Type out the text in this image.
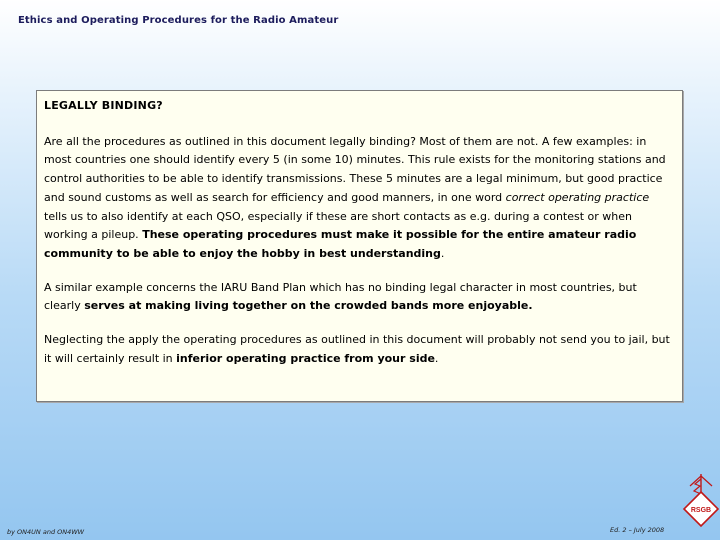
Ethics and Operating Procedures for the Radio Amateur
LEGALLY BINDING?

Are all the procedures as outlined in this document legally binding? Most of them are not. A few examples: in most countries one should identify every 5 (in some 10) minutes. This rule exists for the monitoring stations and control authorities to be able to identify transmissions. These 5 minutes are a legal minimum, but good practice and sound customs as well as search for efficiency and good manners, in one word correct operating practice tells us to also identify at each QSO, especially if these are short contacts as e.g. during a contest or when working a pileup. These operating procedures must make it possible for the entire amateur radio community to be able to enjoy the hobby in best understanding.

A similar example concerns the IARU Band Plan which has no binding legal character in most countries, but clearly serves at making living together on the crowded bands more enjoyable.

Neglecting the apply the operating procedures as outlined in this document will probably not send you to jail, but it will certainly result in inferior operating practice from your side.

by ON4UN and ON4WW	Ed. 2 – July 2008
RSGB
